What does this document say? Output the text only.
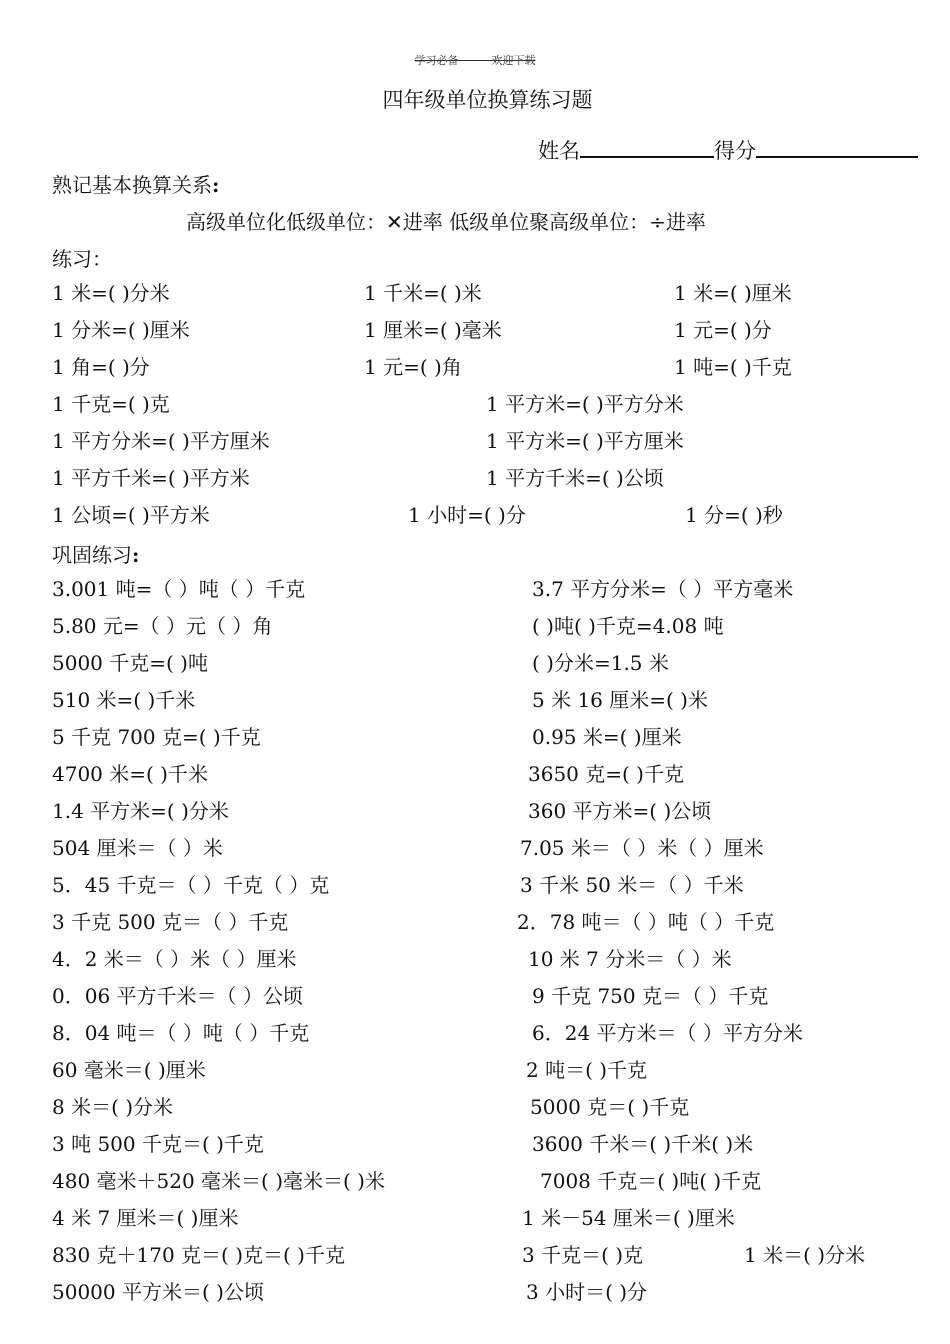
学习必备－－－欢迎下载
四年级单位换算练习题
姓名	得分
熟记基本换算关系:
高级单位化低级单位：✕进率 低级单位聚高级单位：÷进率
练习：
1 米=( )分米	1 千米=( )米	1 米=( )厘米
1 分米=( )厘米	1 厘米=( )毫米	1 元=( )分
1 角=( )分	1 元=( )角	1 吨=( )千克
1 千克=( )克	1 平方米=( )平方分米
1 平方分米=( )平方厘米	1 平方米=( )平方厘米
1 平方千米=( )平方米	1 平方千米=( )公顷
1 公顷=( )平方米	1 小时=( )分	1 分=( )秒
巩固练习:
3.001 吨=（ ）吨（ ）千克	3.7 平方分米=（ ）平方毫米
5.80 元=（ ）元（ ）角	( )吨( )千克=4.08 吨
5000 千克=( )吨	( )分米=1.5 米
510 米=( )千米	5 米 16 厘米=( )米
5 千克 700 克=( )千克	0.95 米=( )厘米
4700 米=( )千米	3650 克=( )千克
1.4 平方米=( )分米	360 平方米=( )公顷
504 厘米＝（ ）米	7.05 米＝（ ）米（ ）厘米
5．45 千克＝（ ）千克（ ）克	3 千米 50 米＝（ ）千米
3 千克 500 克＝（ ）千克	2．78 吨＝（ ）吨（ ）千克
4．2 米＝（ ）米（ ）厘米	10 米 7 分米＝（ ）米
0．06 平方千米＝（ ）公顷	9 千克 750 克＝（ ）千克
8．04 吨＝（ ）吨（ ）千克	6．24 平方米＝（ ）平方分米
60 毫米＝( )厘米	2 吨＝( )千克
8 米＝( )分米	5000 克＝( )千克
3 吨 500 千克＝( )千克	3600 千米＝( )千米( )米
480 毫米＋520 毫米＝( )毫米＝( )米	7008 千克＝( )吨( )千克
4 米 7 厘米＝( )厘米	1 米－54 厘米＝( )厘米
830 克＋170 克＝( )克＝( )千克	3 千克＝( )克	1 米＝( )分米
50000 平方米＝( )公顷	3 小时＝( )分
